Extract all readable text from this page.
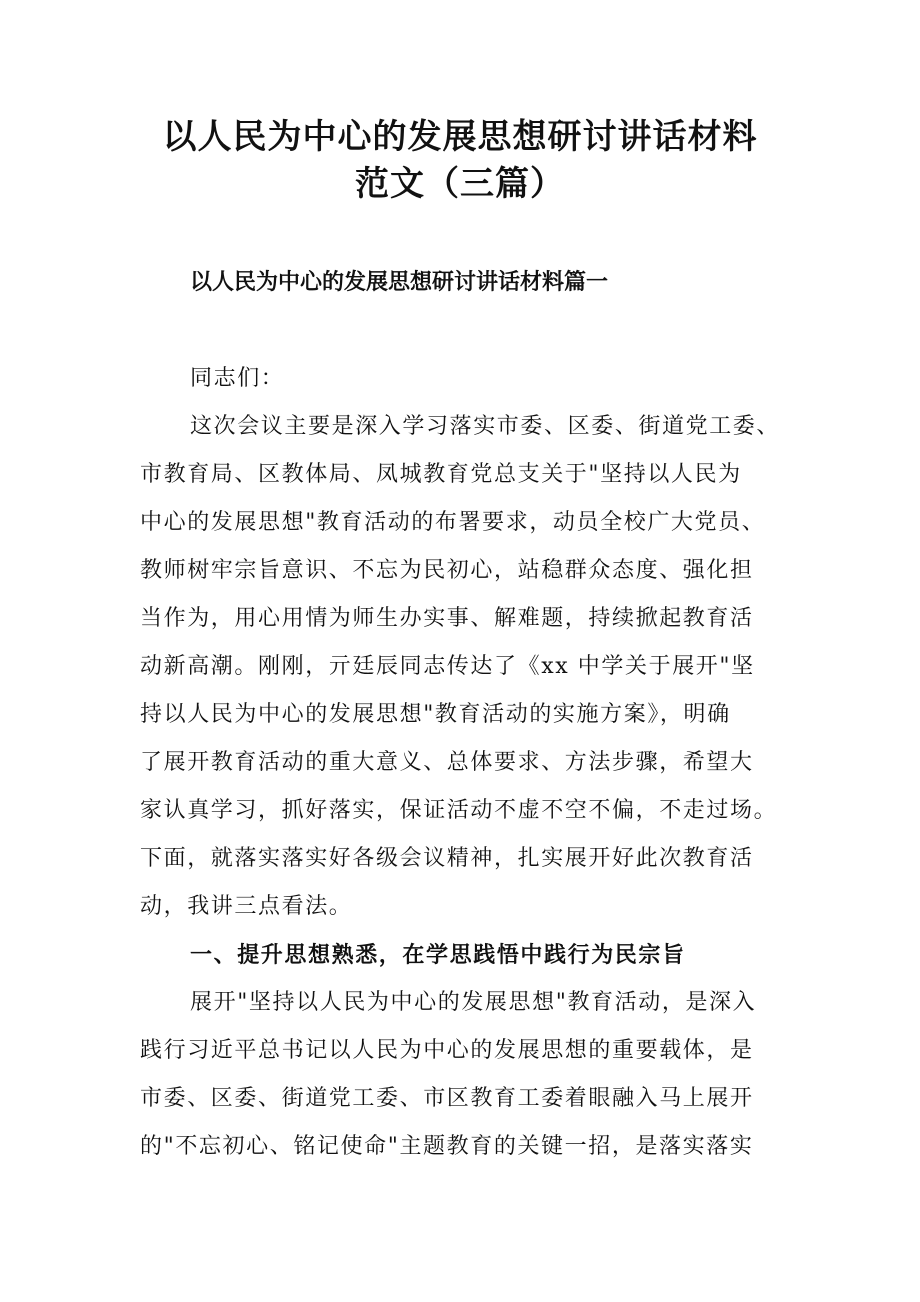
以人民为中心的发展思想研讨讲话材料
范文（三篇）
以人民为中心的发展思想研讨讲话材料篇一
同志们：
这次会议主要是深入学习落实市委、区委、街道党工委、
市教育局、区教体局、凤城教育党总支关于"坚持以人民为
中心的发展思想"教育活动的布署要求，动员全校广大党员、
教师树牢宗旨意识、不忘为民初心，站稳群众态度、强化担
当作为，用心用情为师生办实事、解难题，持续掀起教育活
动新高潮。刚刚，亓廷辰同志传达了《xx 中学关于展开"坚
持以人民为中心的发展思想"教育活动的实施方案》，明确
了展开教育活动的重大意义、总体要求、方法步骤，希望大
家认真学习，抓好落实，保证活动不虚不空不偏，不走过场。
下面，就落实落实好各级会议精神，扎实展开好此次教育活
动，我讲三点看法。
一、提升思想熟悉，在学思践悟中践行为民宗旨
展开"坚持以人民为中心的发展思想"教育活动，是深入
践行习近平总书记以人民为中心的发展思想的重要载体，是
市委、区委、街道党工委、市区教育工委着眼融入马上展开
的"不忘初心、铭记使命"主题教育的关键一招，是落实落实
